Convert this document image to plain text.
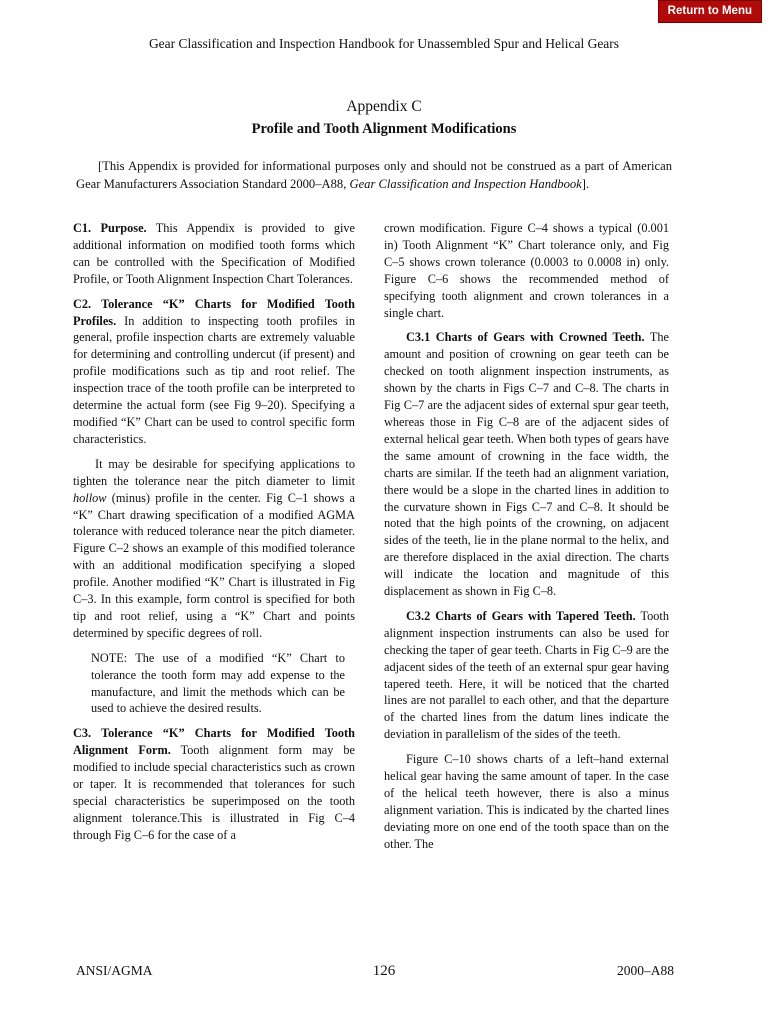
Return to Menu
Gear Classification and Inspection Handbook for Unassembled Spur and Helical Gears
Appendix C
Profile and Tooth Alignment Modifications
[This Appendix is provided for informational purposes only and should not be construed as a part of American Gear Manufacturers Association Standard 2000–A88, Gear Classification and Inspection Handbook].

C1. Purpose. This Appendix is provided to give additional information on modified tooth forms which can be controlled with the Specification of Modified Profile, or Tooth Alignment Inspection Chart Tolerances.

C2. Tolerance “K” Charts for Modified Tooth Profiles. In addition to inspecting tooth profiles in general, profile inspection charts are extremely valuable for determining and controlling undercut (if present) and profile modifications such as tip and root relief. The inspection trace of the tooth profile can be interpreted to determine the actual form (see Fig 9–20). Specifying a modified “K” Chart can be used to control specific form characteristics.

It may be desirable for specifying applications to tighten the tolerance near the pitch diameter to limit hollow (minus) profile in the center. Fig C–1 shows a “K” Chart drawing specification of a modified AGMA tolerance with reduced tolerance near the pitch diameter. Figure C–2 shows an example of this modified tolerance with an additional modification specifying a sloped profile. Another modified “K” Chart is illustrated in Fig C–3. In this example, form control is specified for both tip and root relief, using a “K” Chart and points determined by specific degrees of roll.

NOTE: The use of a modified “K” Chart to tolerance the tooth form may add expense to the manufacture, and limit the methods which can be used to achieve the desired results.

C3. Tolerance “K” Charts for Modified Tooth Alignment Form. Tooth alignment form may be modified to include special characteristics such as crown or taper. It is recommended that tolerances for such special characteristics be superimposed on the tooth alignment tolerance.This is illustrated in Fig C–4 through Fig C–6 for the case of a

crown modification. Figure C–4 shows a typical (0.001 in) Tooth Alignment “K” Chart tolerance only, and Fig C–5 shows crown tolerance (0.0003 to 0.0008 in) only. Figure C–6 shows the recommended method of specifying tooth alignment and crown tolerances in a single chart.

C3.1 Charts of Gears with Crowned Teeth. The amount and position of crowning on gear teeth can be checked on tooth alignment inspection instruments, as shown by the charts in Figs C–7 and C–8. The charts in Fig C–7 are the adjacent sides of external spur gear teeth, whereas those in Fig C–8 are of the adjacent sides of external helical gear teeth. When both types of gears have the same amount of crowning in the face width, the charts are similar. If the teeth had an alignment variation, there would be a slope in the charted lines in addition to the curvature shown in Figs C–7 and C–8. It should be noted that the high points of the crowning, on adjacent sides of the teeth, lie in the plane normal to the helix, and are therefore displaced in the axial direction. The charts will indicate the location and magnitude of this displacement as shown in Fig C–8.

C3.2 Charts of Gears with Tapered Teeth. Tooth alignment inspection instruments can also be used for checking the taper of gear teeth. Charts in Fig C–9 are the adjacent sides of the teeth of an external spur gear having tapered teeth. Here, it will be noticed that the charted lines are not parallel to each other, and that the departure of the charted lines from the datum lines indicate the deviation in parallelism of the sides of the teeth.

Figure C–10 shows charts of a left–hand external helical gear having the same amount of taper. In the case of the helical teeth however, there is also a minus alignment variation. This is indicated by the charted lines deviating more on one end of the tooth space than on the other. The

ANSI/AGMA	126	2000–A88
